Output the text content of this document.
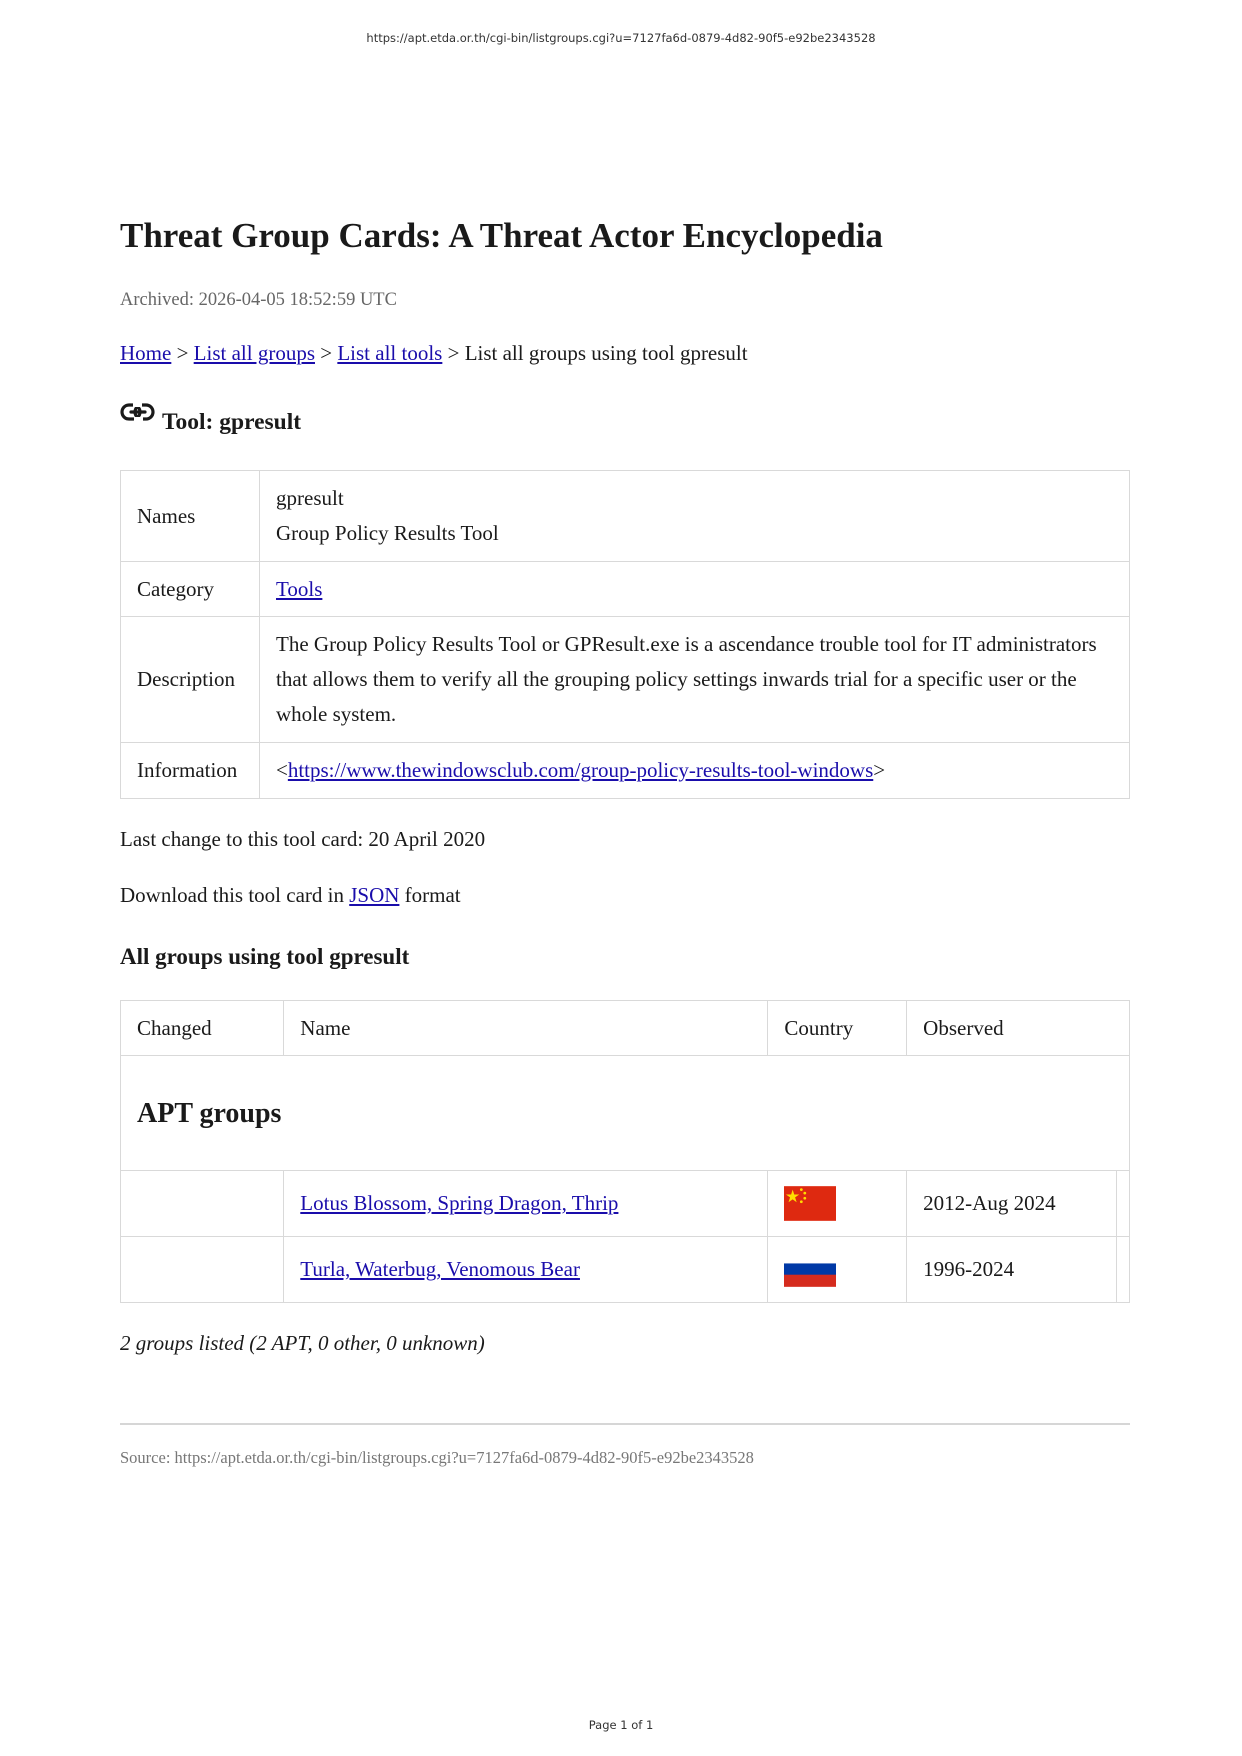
https://apt.etda.or.th/cgi-bin/listgroups.cgi?u=7127fa6d-0879-4d82-90f5-e92be2343528
Threat Group Cards: A Threat Actor Encyclopedia
Archived: 2026-04-05 18:52:59 UTC
Home > List all groups > List all tools > List all groups using tool gpresult
Tool: gpresult
Names	gpresult
Group Policy Results Tool

Category	Tools
Description	The Group Policy Results Tool or GPResult.exe is a ascendance trouble tool for IT administrators that allows them to verify all the grouping policy settings inwards trial for a specific user or the whole system.
Information	<https://www.thewindowsclub.com/group-policy-results-tool-windows>
Last change to this tool card: 20 April 2020
Download this tool card in JSON format
All groups using tool gpresult
Changed	Name	Country	Observed	
APT groups				
	Lotus Blossom, Spring Dragon, Thrip		2012-Aug 2024	
	Turla, Waterbug, Venomous Bear		1996-2024	
2 groups listed (2 APT, 0 other, 0 unknown)
Source: https://apt.etda.or.th/cgi-bin/listgroups.cgi?u=7127fa6d-0879-4d82-90f5-e92be2343528
Page 1 of 1
